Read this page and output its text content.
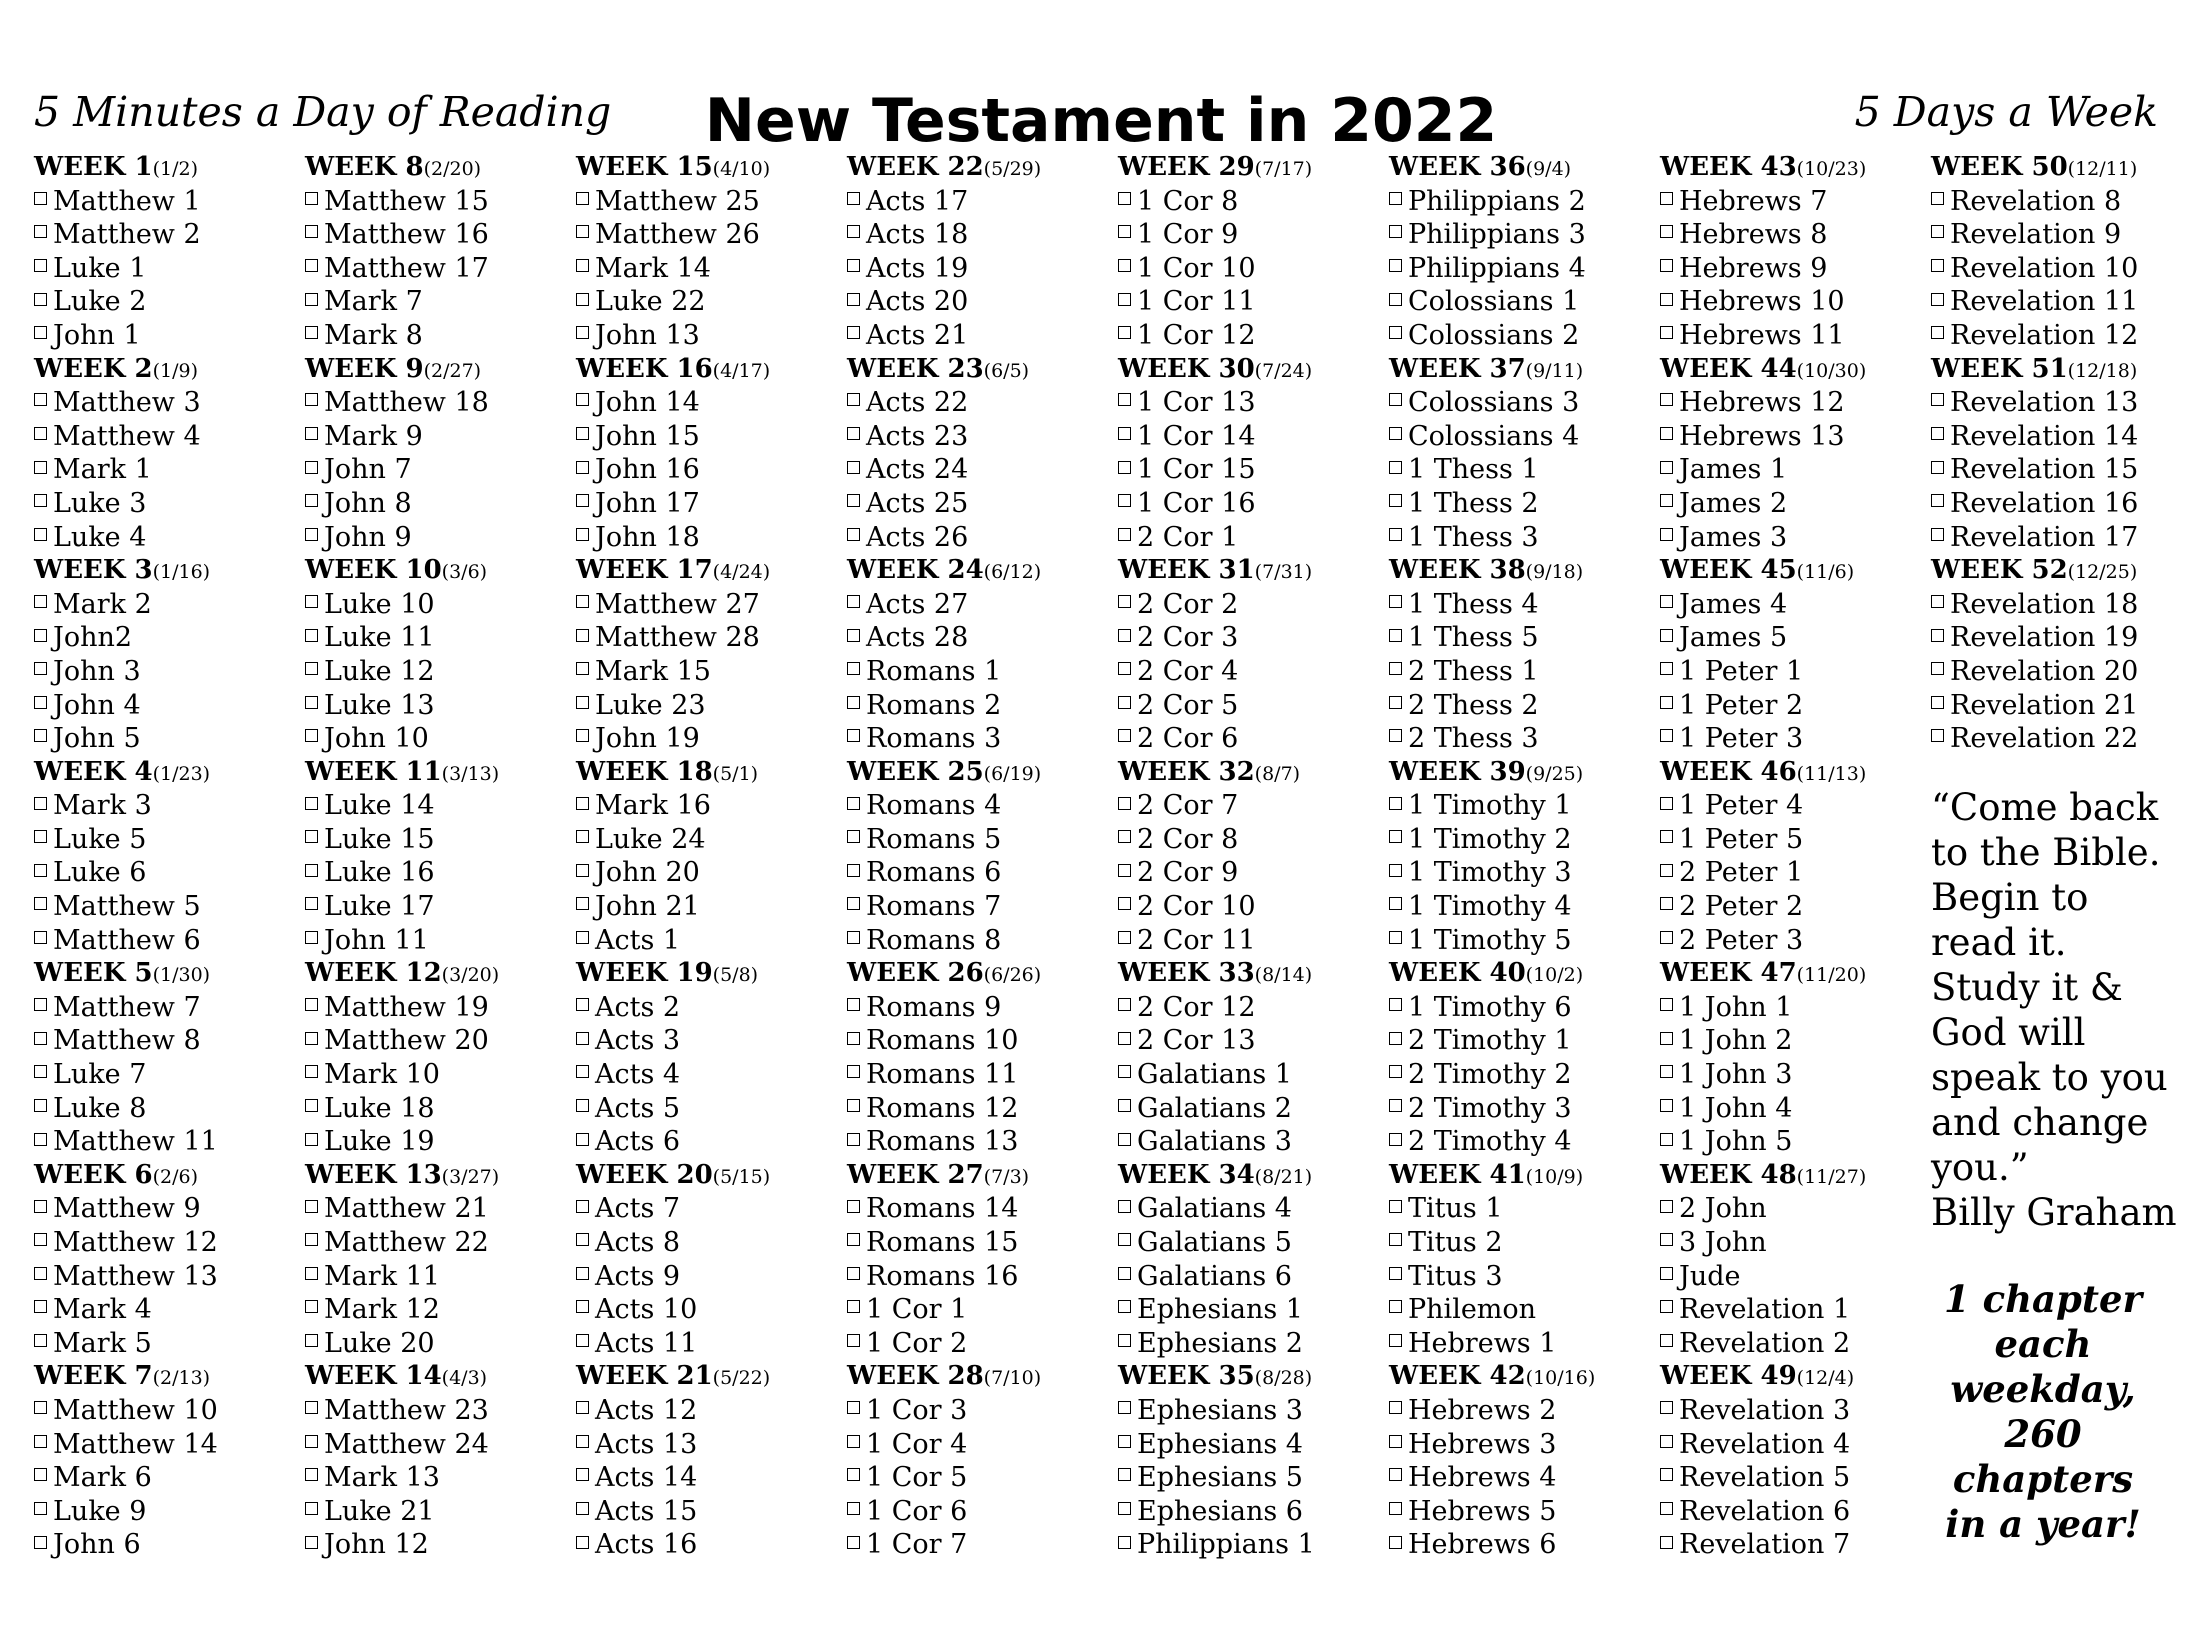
5 Minutes a Day of Reading	New Testament in 2022	5 Days a Week
WEEK 1(1/2)
Matthew 1
Matthew 2
Luke 1
Luke 2
John 1
WEEK 2(1/9)
Matthew 3
Matthew 4
Mark 1
Luke 3
Luke 4
WEEK 3(1/16)
Mark 2
John2
John 3
John 4
John 5
WEEK 4(1/23)
Mark 3
Luke 5
Luke 6
Matthew 5
Matthew 6
WEEK 5(1/30)
Matthew 7
Matthew 8
Luke 7
Luke 8
Matthew 11
WEEK 6(2/6)
Matthew 9
Matthew 12
Matthew 13
Mark 4
Mark 5
WEEK 7(2/13)
Matthew 10
Matthew 14
Mark 6
Luke 9
John 6
WEEK 8(2/20)
Matthew 15
Matthew 16
Matthew 17
Mark 7
Mark 8
WEEK 9(2/27)
Matthew 18
Mark 9
John 7
John 8
John 9
WEEK 10(3/6)
Luke 10
Luke 11
Luke 12
Luke 13
John 10
WEEK 11(3/13)
Luke 14
Luke 15
Luke 16
Luke 17
John 11
WEEK 12(3/20)
Matthew 19
Matthew 20
Mark 10
Luke 18
Luke 19
WEEK 13(3/27)
Matthew 21
Matthew 22
Mark 11
Mark 12
Luke 20
WEEK 14(4/3)
Matthew 23
Matthew 24
Mark 13
Luke 21
John 12
WEEK 15(4/10)
Matthew 25
Matthew 26
Mark 14
Luke 22
John 13
WEEK 16(4/17)
John 14
John 15
John 16
John 17
John 18
WEEK 17(4/24)
Matthew 27
Matthew 28
Mark 15
Luke 23
John 19
WEEK 18(5/1)
Mark 16
Luke 24
John 20
John 21
Acts 1
WEEK 19(5/8)
Acts 2
Acts 3
Acts 4
Acts 5
Acts 6
WEEK 20(5/15)
Acts 7
Acts 8
Acts 9
Acts 10
Acts 11
WEEK 21(5/22)
Acts 12
Acts 13
Acts 14
Acts 15
Acts 16
WEEK 22(5/29)
Acts 17
Acts 18
Acts 19
Acts 20
Acts 21
WEEK 23(6/5)
Acts 22
Acts 23
Acts 24
Acts 25
Acts 26
WEEK 24(6/12)
Acts 27
Acts 28
Romans 1
Romans 2
Romans 3
WEEK 25(6/19)
Romans 4
Romans 5
Romans 6
Romans 7
Romans 8
WEEK 26(6/26)
Romans 9
Romans 10
Romans 11
Romans 12
Romans 13
WEEK 27(7/3)
Romans 14
Romans 15
Romans 16
1 Cor 1
1 Cor 2
WEEK 28(7/10)
1 Cor 3
1 Cor 4
1 Cor 5
1 Cor 6
1 Cor 7
WEEK 29(7/17)
1 Cor 8
1 Cor 9
1 Cor 10
1 Cor 11
1 Cor 12
WEEK 30(7/24)
1 Cor 13
1 Cor 14
1 Cor 15
1 Cor 16
2 Cor 1
WEEK 31(7/31)
2 Cor 2
2 Cor 3
2 Cor 4
2 Cor 5
2 Cor 6
WEEK 32(8/7)
2 Cor 7
2 Cor 8
2 Cor 9
2 Cor 10
2 Cor 11
WEEK 33(8/14)
2 Cor 12
2 Cor 13
Galatians 1
Galatians 2
Galatians 3
WEEK 34(8/21)
Galatians 4
Galatians 5
Galatians 6
Ephesians 1
Ephesians 2
WEEK 35(8/28)
Ephesians 3
Ephesians 4
Ephesians 5
Ephesians 6
Philippians 1
WEEK 36(9/4)
Philippians 2
Philippians 3
Philippians 4
Colossians 1
Colossians 2
WEEK 37(9/11)
Colossians 3
Colossians 4
1 Thess 1
1 Thess 2
1 Thess 3
WEEK 38(9/18)
1 Thess 4
1 Thess 5
2 Thess 1
2 Thess 2
2 Thess 3
WEEK 39(9/25)
1 Timothy 1
1 Timothy 2
1 Timothy 3
1 Timothy 4
1 Timothy 5
WEEK 40(10/2)
1 Timothy 6
2 Timothy 1
2 Timothy 2
2 Timothy 3
2 Timothy 4
WEEK 41(10/9)
Titus 1
Titus 2
Titus 3
Philemon
Hebrews 1
WEEK 42(10/16)
Hebrews 2
Hebrews 3
Hebrews 4
Hebrews 5
Hebrews 6
WEEK 43(10/23)
Hebrews 7
Hebrews 8
Hebrews 9
Hebrews 10
Hebrews 11
WEEK 44(10/30)
Hebrews 12
Hebrews 13
James 1
James 2
James 3
WEEK 45(11/6)
James 4
James 5
1 Peter 1
1 Peter 2
1 Peter 3
WEEK 46(11/13)
1 Peter 4
1 Peter 5
2 Peter 1
2 Peter 2
2 Peter 3
WEEK 47(11/20)
1 John 1
1 John 2
1 John 3
1 John 4
1 John 5
WEEK 48(11/27)
2 John
3 John
Jude
Revelation 1
Revelation 2
WEEK 49(12/4)
Revelation 3
Revelation 4
Revelation 5
Revelation 6
Revelation 7
WEEK 50(12/11)
Revelation 8
Revelation 9
Revelation 10
Revelation 11
Revelation 12
WEEK 51(12/18)
Revelation 13
Revelation 14
Revelation 15
Revelation 16
Revelation 17
WEEK 52(12/25)
Revelation 18
Revelation 19
Revelation 20
Revelation 21
Revelation 22
“Come back
to the Bible.
Begin to
read it.
Study it &
God will
speak to you
and change
you.”
Billy Graham
1 chapter
each
weekday,
260
chapters
in a year!
